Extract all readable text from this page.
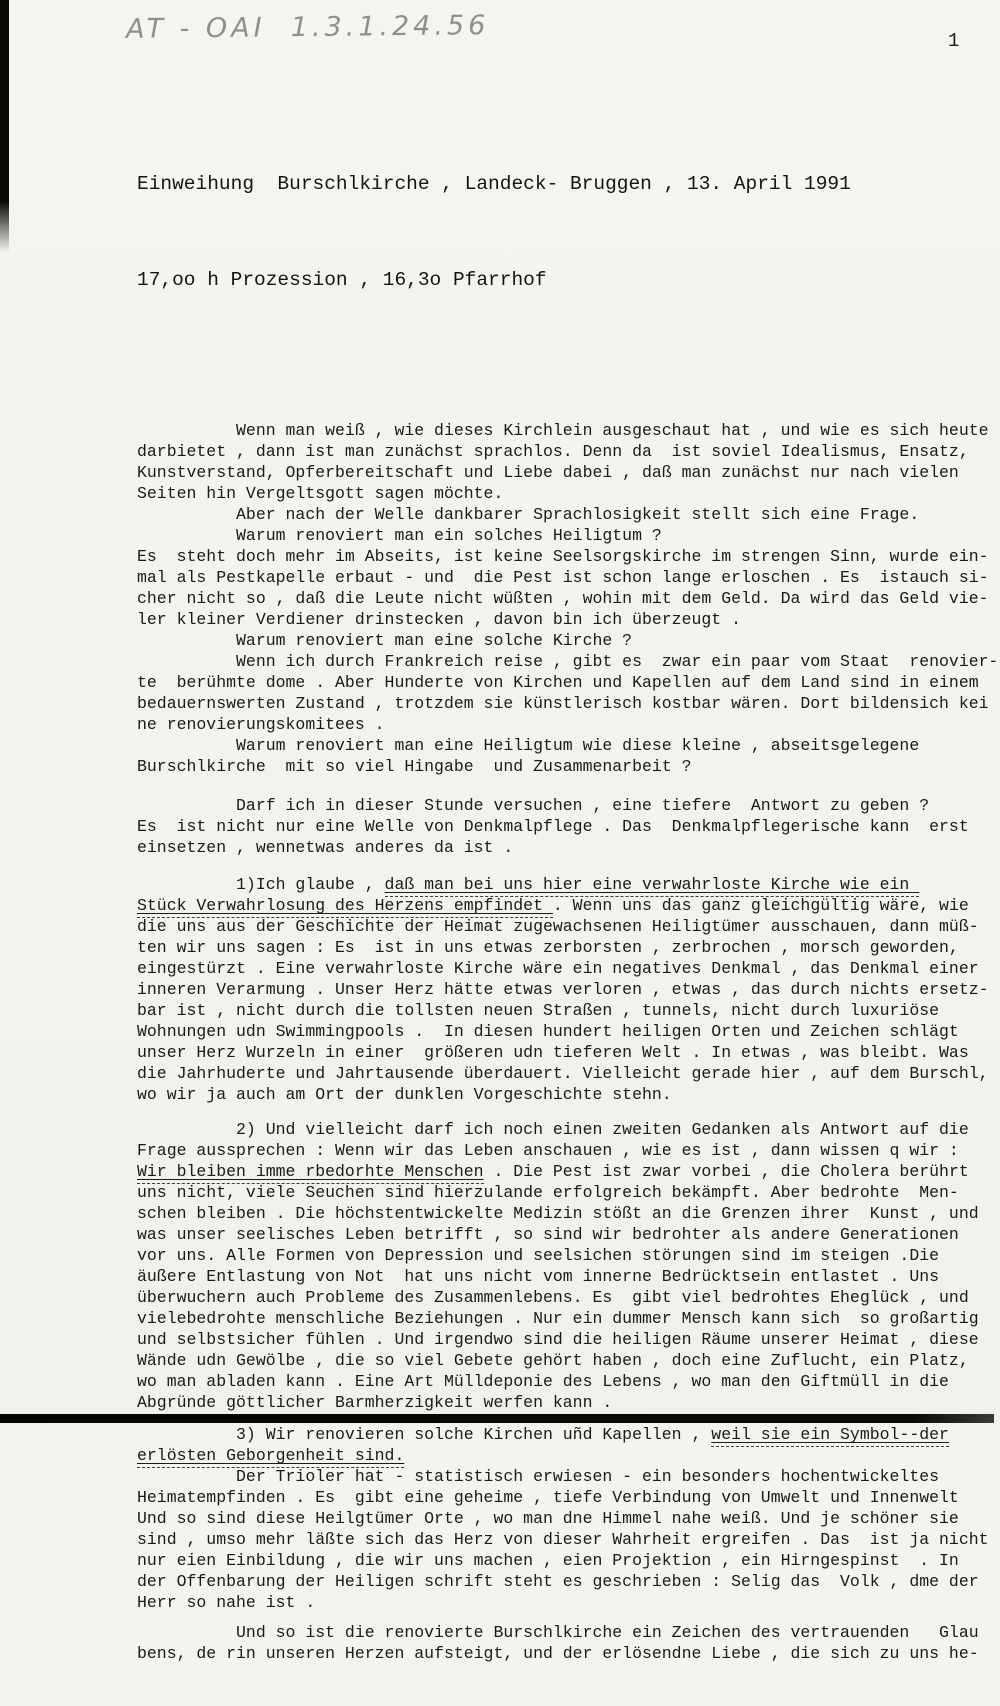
AT - OAI  1.3.1.24.56	1

Einweihung  Burschlkirche , Landeck- Bruggen , 13. April 1991

17,oo h Prozession , 16,3o Pfarrhof

Wenn man weiß , wie dieses Kirchlein ausgeschaut hat , und wie es sich heute
darbietet , dann ist man zunächst sprachlos. Denn da  ist soviel Idealismus, Ensatz,
Kunstverstand, Opferbereitschaft und Liebe dabei , daß man zunächst nur nach vielen
Seiten hin Vergeltsgott sagen möchte.
Aber nach der Welle dankbarer Sprachlosigkeit stellt sich eine Frage.
Warum renoviert man ein solches Heiligtum ?
Es  steht doch mehr im Abseits, ist keine Seelsorgskirche im strengen Sinn, wurde ein-
mal als Pestkapelle erbaut - und  die Pest ist schon lange erloschen . Es  istauch si-
cher nicht so , daß die Leute nicht wüßten , wohin mit dem Geld. Da wird das Geld vie-
ler kleiner Verdiener drinstecken , davon bin ich überzeugt .
Warum renoviert man eine solche Kirche ?
Wenn ich durch Frankreich reise , gibt es  zwar ein paar vom Staat  renovier-
te  berühmte dome . Aber Hunderte von Kirchen und Kapellen auf dem Land sind in einem
bedauernswerten Zustand , trotzdem sie künstlerisch kostbar wären. Dort bildensich kei
ne renovierungskomitees .
Warum renoviert man eine Heiligtum wie diese kleine , abseitsgelegene
Burschlkirche  mit so viel Hingabe  und Zusammenarbeit ?
Darf ich in dieser Stunde versuchen , eine tiefere  Antwort zu geben ?
Es  ist nicht nur eine Welle von Denkmalpflege . Das  Denkmalpflegerische kann  erst
einsetzen , wennetwas anderes da ist .
1)Ich glaube , daß man bei uns hier eine verwahrloste Kirche wie ein
Stück Verwahrlosung des Herzens empfindet . Wenn uns das ganz gleichgültig wäre, wie
die uns aus der Geschichte der Heimat zugewachsenen Heiligtümer ausschauen, dann müß-
ten wir uns sagen : Es  ist in uns etwas zerborsten , zerbrochen , morsch geworden,
eingestürzt . Eine verwahrloste Kirche wäre ein negatives Denkmal , das Denkmal einer
inneren Verarmung . Unser Herz hätte etwas verloren , etwas , das durch nichts ersetz-
bar ist , nicht durch die tollsten neuen Straßen , tunnels, nicht durch luxuriöse
Wohnungen udn Swimmingpools .  In diesen hundert heiligen Orten und Zeichen schlägt
unser Herz Wurzeln in einer  größeren udn tieferen Welt . In etwas , was bleibt. Was
die Jahrhuderte und Jahrtausende überdauert. Vielleicht gerade hier , auf dem Burschl,
wo wir ja auch am Ort der dunklen Vorgeschichte stehn.
2) Und vielleicht darf ich noch einen zweiten Gedanken als Antwort auf die
Frage aussprechen : Wenn wir das Leben anschauen , wie es ist , dann wissen q wir :
Wir bleiben imme rbedorhte Menschen . Die Pest ist zwar vorbei , die Cholera berührt
uns nicht, viele Seuchen sind hierzulande erfolgreich bekämpft. Aber bedrohte  Men-
schen bleiben . Die höchstentwickelte Medizin stößt an die Grenzen ihrer  Kunst , und
was unser seelisches Leben betrifft , so sind wir bedrohter als andere Generationen
vor uns. Alle Formen von Depression und seelsichen störungen sind im steigen .Die
äußere Entlastung von Not  hat uns nicht vom innerne Bedrücktsein entlastet . Uns
überwuchern auch Probleme des Zusammenlebens. Es  gibt viel bedrohtes Eheglück , und
vielebedrohte menschliche Beziehungen . Nur ein dummer Mensch kann sich  so großartig
und selbstsicher fühlen . Und irgendwo sind die heiligen Räume unserer Heimat , diese
Wände udn Gewölbe , die so viel Gebete gehört haben , doch eine Zuflucht, ein Platz,
wo man abladen kann . Eine Art Mülldeponie des Lebens , wo man den Giftmüll in die
Abgründe göttlicher Barmherzigkeit werfen kann .
3) Wir renovieren solche Kirchen uñd Kapellen , weil sie ein Symbol--der
erlösten Geborgenheit sind.
Der Trioler hat - statistisch erwiesen - ein besonders hochentwickeltes
Heimatempfinden . Es  gibt eine geheime , tiefe Verbindung von Umwelt und Innenwelt
Und so sind diese Heilgtümer Orte , wo man dne Himmel nahe weiß. Und je schöner sie
sind , umso mehr läßte sich das Herz von dieser Wahrheit ergreifen . Das  ist ja nicht
nur eien Einbildung , die wir uns machen , eien Projektion , ein Hirngespinst  . In
der Offenbarung der Heiligen schrift steht es geschrieben : Selig das  Volk , dme der
Herr so nahe ist .
Und so ist die renovierte Burschlkirche ein Zeichen des vertrauenden   Glau
bens, de rin unseren Herzen aufsteigt, und der erlösendne Liebe , die sich zu uns he-
